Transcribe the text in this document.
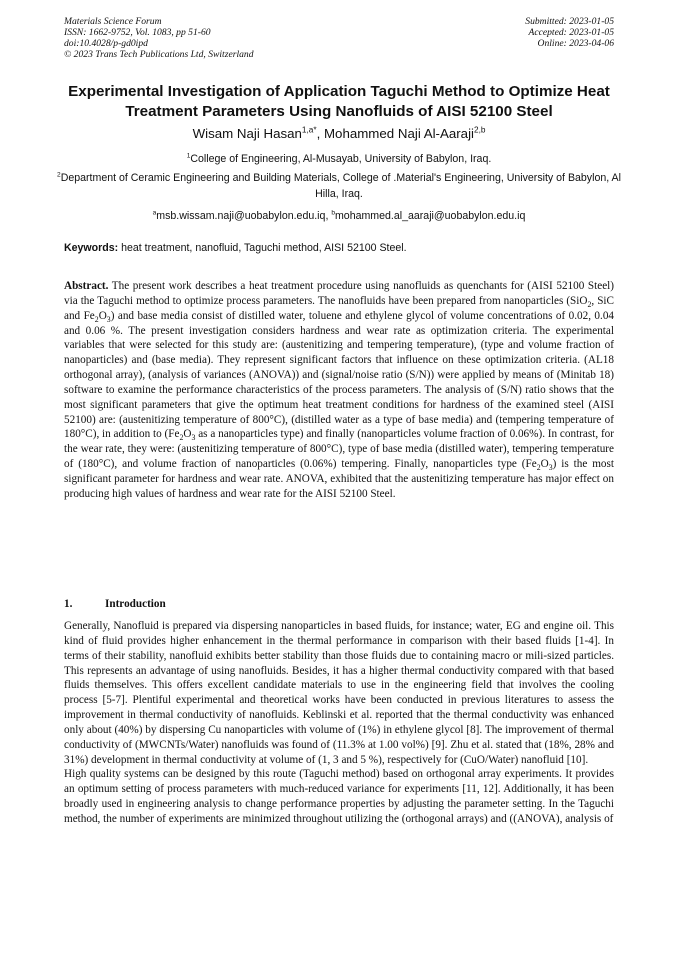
Materials Science Forum
ISSN: 1662-9752, Vol. 1083, pp 51-60
doi:10.4028/p-gd0ipd
© 2023 Trans Tech Publications Ltd, Switzerland
Submitted: 2023-01-05
Accepted: 2023-01-05
Online: 2023-04-06
Experimental Investigation of Application Taguchi Method to Optimize Heat Treatment Parameters Using Nanofluids of AISI 52100 Steel
Wisam Naji Hasan$^{1,a*}$, Mohammed Naji Al-Aaraji$^{2,b}$
$^1$College of Engineering, Al-Musayab, University of Babylon, Iraq.
$^2$Department of Ceramic Engineering and Building Materials, College of .Material's Engineering, University of Babylon, Al Hilla, Iraq.
$^a$msb.wissam.naji@uobabylon.edu.iq, $^b$mohammed.al_aaraji@uobabylon.edu.iq
Keywords: heat treatment, nanofluid, Taguchi method, AISI 52100 Steel.
Abstract. The present work describes a heat treatment procedure using nanofluids as quenchants for (AISI 52100 Steel) via the Taguchi method to optimize process parameters. The nanofluids have been prepared from nanoparticles (SiO$_2$, SiC and $Fe_2O_3$) and base media consist of distilled water, toluene and ethylene glycol of volume concentrations of 0.02, 0.04 and 0.06 %. The present investigation considers hardness and wear rate as optimization criteria. The experimental variables that were selected for this study are: (austenitizing and tempering temperature), (type and volume fraction of nanoparticles) and (base media). They represent significant factors that influence on these optimization criteria. (AL18 orthogonal array), (analysis of variances (ANOVA)) and (signal/noise ratio (S/N)) were applied by means of (Minitab 18) software to examine the performance characteristics of the process parameters. The analysis of (S/N) ratio shows that the most significant parameters that give the optimum heat treatment conditions for hardness of the examined steel (AISI 52100) are: (austenitizing temperature of 800°C), (distilled water as a type of base media) and (tempering temperature of 180°C), in addition to ($Fe_2O_3$ as a nanoparticles type) and finally (nanoparticles volume fraction of 0.06%). In contrast, for the wear rate, they were: (austenitizing temperature of 800°C), type of base media (distilled water), tempering temperature of (180°C), and volume fraction of nanoparticles (0.06%) tempering. Finally, nanoparticles type $(Fe_2O_3)$ is the most significant parameter for hardness and wear rate. ANOVA, exhibited that the austenitizing temperature has major effect on producing high values of hardness and wear rate for the AISI 52100 Steel.
1.	Introduction

Generally, Nanofluid is prepared via dispersing nanoparticles in based fluids, for instance; water, EG and engine oil. This kind of fluid provides higher enhancement in the thermal performance in comparison with their based fluids [1-4]. In terms of their stability, nanofluid exhibits better stability than those fluids due to containing macro or mili-sized particles. This represents an advantage of using nanofluids. Besides, it has a higher thermal conductivity compared with that based fluids themselves. This offers excellent candidate materials to use in the engineering field that involves the cooling process [5-7]. Plentiful experimental and theoretical works have been conducted in previous literatures to assess the improvement in thermal conductivity of nanofluids. Keblinski et al. reported that the thermal conductivity was enhanced only about (40%) by dispersing Cu nanoparticles with volume of (1%) in ethylene glycol [8]. The improvement of thermal conductivity of (MWCNTs/Water) nanofluids was found of (11.3% at 1.00 vol%) [9]. Zhu et al. stated that (18%, 28% and 31%) development in thermal conductivity at volume of (1, 3 and 5 %), respectively for (CuO/Water) nanofluid [10].

High quality systems can be designed by this route (Taguchi method) based on orthogonal array experiments. It provides an optimum setting of process parameters with much-reduced variance for experiments [11, 12]. Additionally, it has been broadly used in engineering analysis to change performance properties by adjusting the parameter setting. In the Taguchi method, the number of experiments are minimized throughout utilizing the (orthogonal arrays) and ((ANOVA), analysis of
